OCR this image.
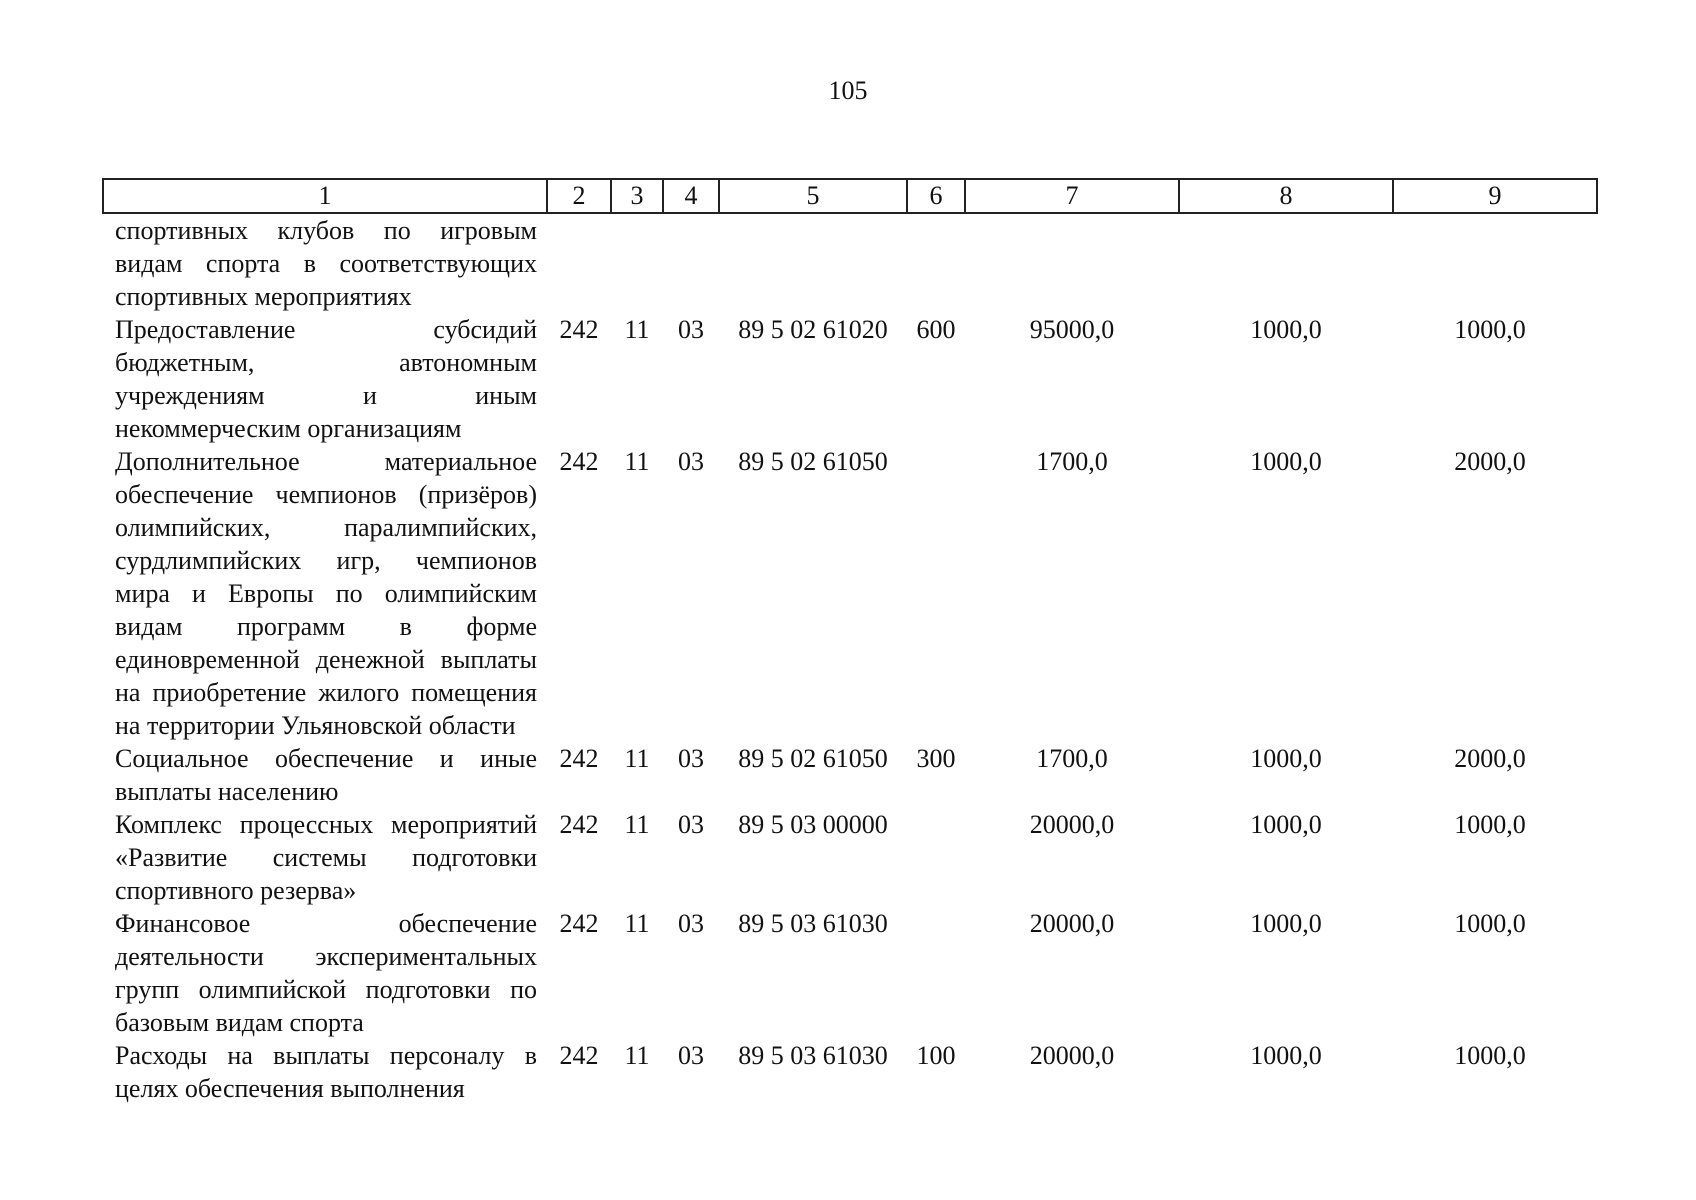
105
1	2	3	4	5	6	7	8	9
спортивных клубов по игровым видам спорта в соответствующих спортивных мероприятиях								
Предоставление субсидий бюджетным, автономным учреждениям и иным некоммерческим организациям	242	11	03	89 5 02 61020	600	95000,0	1000,0	1000,0
Дополнительное материальное обеспечение чемпионов (призёров) олимпийских, паралимпийских, сурдлимпийских игр, чемпионов мира и Европы по олимпийским видам программ в форме единовременной денежной выплаты на приобретение жилого помещения на территории Ульяновской области	242	11	03	89 5 02 61050		1700,0	1000,0	2000,0
Социальное обеспечение и иные выплаты населению	242	11	03	89 5 02 61050	300	1700,0	1000,0	2000,0
Комплекс процессных мероприятий «Развитие системы подготовки спортивного резерва»	242	11	03	89 5 03 00000		20000,0	1000,0	1000,0
Финансовое обеспечение деятельности экспериментальных групп олимпийской подготовки по базовым видам спорта	242	11	03	89 5 03 61030		20000,0	1000,0	1000,0
Расходы на выплаты персоналу в целях обеспечения выполнения	242	11	03	89 5 03 61030	100	20000,0	1000,0	1000,0
